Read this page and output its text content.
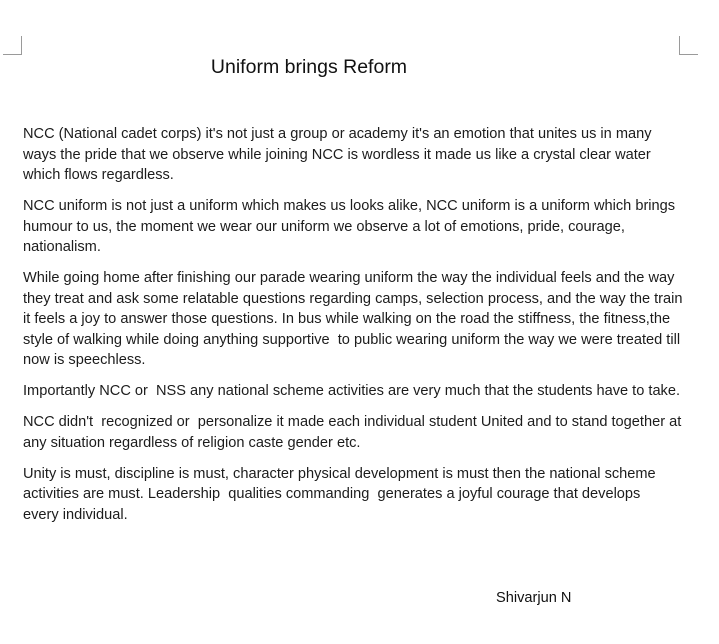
Uniform brings Reform

NCC (National cadet corps) it's not just a group or academy it's an emotion that unites us in many ways the pride that we observe while joining NCC is wordless it made us like a crystal clear water which flows regardless.

NCC uniform is not just a uniform which makes us looks alike, NCC uniform is a uniform which brings humour to us, the moment we wear our uniform we observe a lot of emotions, pride, courage, nationalism.

While going home after finishing our parade wearing uniform the way the individual feels and the way they treat and ask some relatable questions regarding camps, selection process, and the way the train it feels a joy to answer those questions. In bus while walking on the road the stiffness, the fitness,the style of walking while doing anything supportive  to public wearing uniform the way we were treated till now is speechless.

Importantly NCC or  NSS any national scheme activities are very much that the students have to take.

NCC didn't  recognized or  personalize it made each individual student United and to stand together at any situation regardless of religion caste gender etc.

Unity is must, discipline is must, character physical development is must then the national scheme activities are must. Leadership  qualities commanding  generates a joyful courage that develops  every individual.

Shivarjun N
